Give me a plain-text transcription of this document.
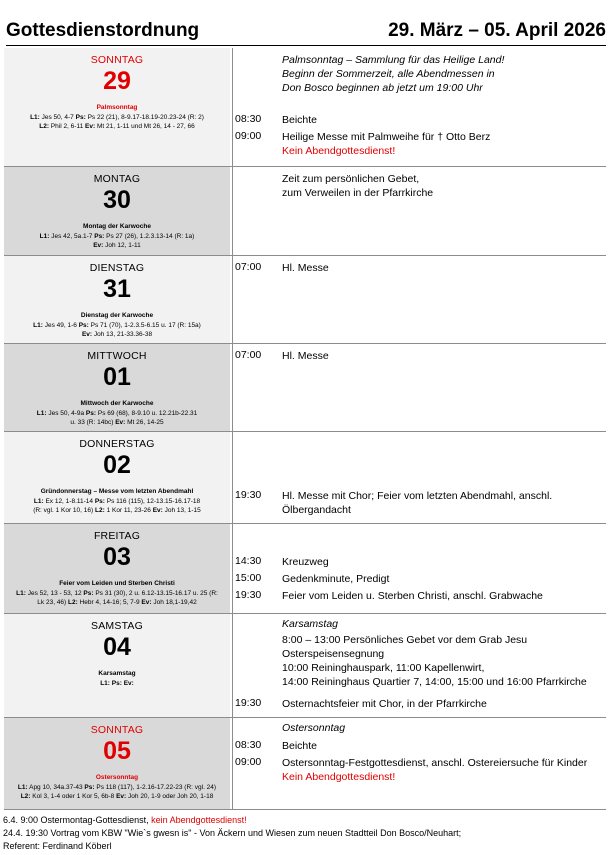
Gottesdienstordnung	29. März – 05. April 2026
SONNTAG
29
Palmsonntag
L1: Jes 50, 4-7 Ps: Ps 22 (21), 8-9.17-18.19-20.23-24 (R: 2)
L2: Phil 2, 6-11 Ev: Mt 21, 1-11 und Mt 26, 14 - 27, 66
Palmsonntag – Sammlung für das Heilige Land!
Beginn der Sommerzeit, alle Abendmessen in
Don Bosco beginnen ab jetzt um 19:00 Uhr
08:30 Beichte
09:00 Heilige Messe mit Palmweihe für † Otto Berz
Kein Abendgottesdienst!
MONTAG
30
Montag der Karwoche
L1: Jes 42, 5a.1-7 Ps: Ps 27 (26), 1.2.3.13-14 (R: 1a)
Ev: Joh 12, 1-11
Zeit zum persönlichen Gebet,
zum Verweilen in der Pfarrkirche
DIENSTAG
31
Dienstag der Karwoche
L1: Jes 49, 1-6 Ps: Ps 71 (70), 1-2.3.5-6.15 u. 17 (R: 15a)
Ev: Joh 13, 21-33.36-38
07:00 Hl. Messe
MITTWOCH
01
Mittwoch der Karwoche
L1: Jes 50, 4-9a Ps: Ps 69 (68), 8-9.10 u. 12.21b-22.31
u. 33 (R: 14bc) Ev: Mt 26, 14-25
07:00 Hl. Messe
DONNERSTAG
02
Gründonnerstag – Messe vom letzten Abendmahl
L1: Ex 12, 1-8.11-14 Ps: Ps 116 (115), 12-13.15-16.17-18
(R: vgl. 1 Kor 10, 16) L2: 1 Kor 11, 23-26 Ev: Joh 13, 1-15
19:30 Hl. Messe mit Chor; Feier vom letzten Abendmahl, anschl.
Ölbergandacht
FREITAG
03
Feier vom Leiden und Sterben Christi
L1: Jes 52, 13 - 53, 12 Ps: Ps 31 (30), 2 u. 6.12-13.15-16.17 u. 25 (R:
Lk 23, 46) L2: Hebr 4, 14-16; 5, 7-9 Ev: Joh 18,1-19,42
14:30 Kreuzweg
15:00 Gedenkminute, Predigt
19:30 Feier vom Leiden u. Sterben Christi, anschl. Grabwache
SAMSTAG
04
Karsamstag
L1: Ps: Ev:
Karsamstag
8:00 – 13:00 Persönliches Gebet vor dem Grab Jesu
Osterspeisensegnung
10:00 Reininghauspark, 11:00 Kapellenwirt,
14:00 Reininghaus Quartier 7, 14:00, 15:00 und 16:00 Pfarrkirche
19:30 Osternachtsfeier mit Chor, in der Pfarrkirche
SONNTAG
05
Ostersonntag
L1: Apg 10, 34a.37-43 Ps: Ps 118 (117), 1-2.16-17.22-23 (R: vgl. 24)
L2: Kol 3, 1-4 oder 1 Kor 5, 6b-8 Ev: Joh 20, 1-9 oder Joh 20, 1-18
Ostersonntag
08:30 Beichte
09:00 Ostersonntag-Festgottesdienst, anschl. Ostereiersuche für Kinder
Kein Abendgottesdienst!
6.4. 9:00 Ostermontag-Gottesdienst, kein Abendgottesdienst!
24.4. 19:30 Vortrag vom KBW "Wie`s gwesn is" - Von Äckern und Wiesen zum neuen Stadtteil Don Bosco/Neuhart;
Referent: Ferdinand Köberl
